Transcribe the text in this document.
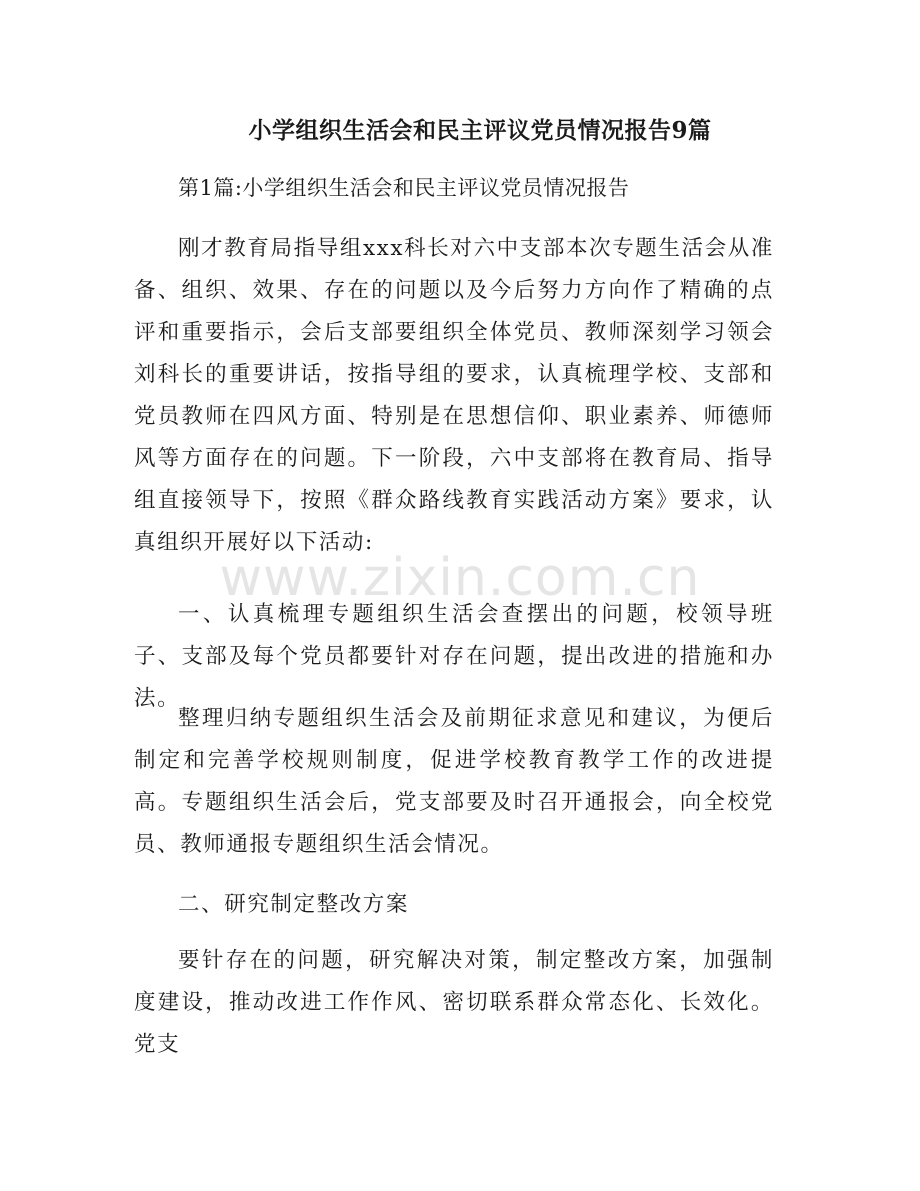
小学组织生活会和民主评议党员情况报告9篇
第1篇:小学组织生活会和民主评议党员情况报告

刚才教育局指导组xxx科长对六中支部本次专题生活会从准备、组织、效果、存在的问题以及今后努力方向作了精确的点评和重要指示，会后支部要组织全体党员、教师深刻学习领会刘科长的重要讲话，按指导组的要求，认真梳理学校、支部和党员教师在四风方面、特别是在思想信仰、职业素养、师德师风等方面存在的问题。下一阶段，六中支部将在教育局、指导组直接领导下，按照《群众路线教育实践活动方案》要求，认真组织开展好以下活动:

一、认真梳理专题组织生活会查摆出的问题，校领导班子、支部及每个党员都要针对存在问题，提出改进的措施和办法。

整理归纳专题组织生活会及前期征求意见和建议，为便后制定和完善学校规则制度，促进学校教育教学工作的改进提高。专题组织生活会后，党支部要及时召开通报会，向全校党员、教师通报专题组织生活会情况。

二、研究制定整改方案

要针存在的问题，研究解决对策，制定整改方案，加强制度建设，推动改进工作作风、密切联系群众常态化、长效化。党支

www.zixin.com.cn
